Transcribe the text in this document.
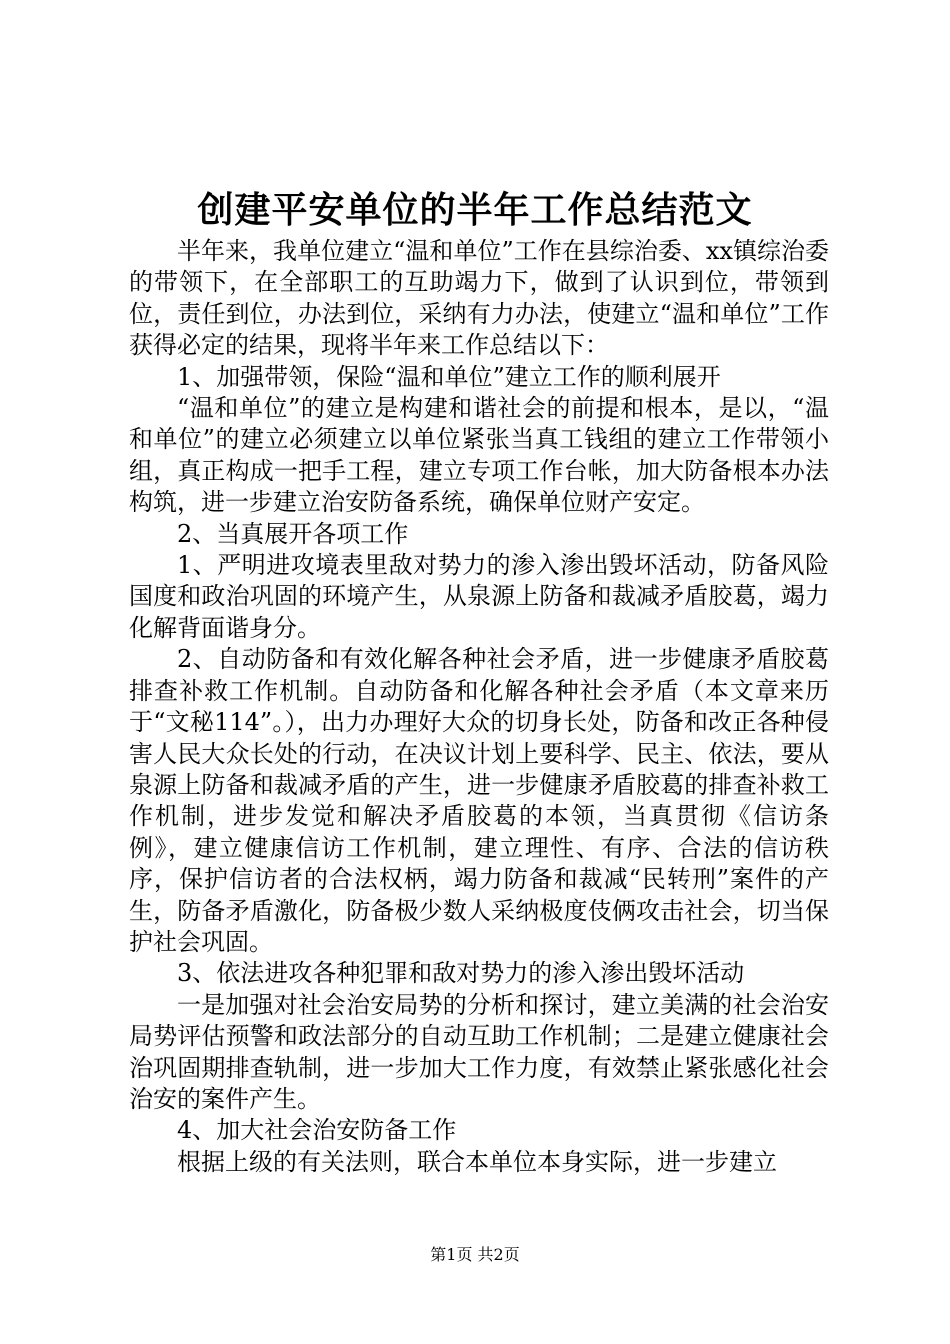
创建平安单位的半年工作总结范文

半年来，我单位建立“温和单位”工作在县综治委、xx镇综治委的带领下，在全部职工的互助竭力下，做到了认识到位，带领到位，责任到位，办法到位，采纳有力办法，使建立“温和单位”工作获得必定的结果，现将半年来工作总结以下：

1、加强带领，保险“温和单位”建立工作的顺利展开

“温和单位”的建立是构建和谐社会的前提和根本，是以，“温和单位”的建立必须建立以单位紧张当真工钱组的建立工作带领小组，真正构成一把手工程，建立专项工作台帐，加大防备根本办法构筑，进一步建立治安防备系统，确保单位财产安定。

2、当真展开各项工作

1、严明进攻境表里敌对势力的渗入渗出毁坏活动，防备风险国度和政治巩固的环境产生，从泉源上防备和裁减矛盾胶葛，竭力化解背面谐身分。

2、自动防备和有效化解各种社会矛盾，进一步健康矛盾胶葛排查补救工作机制。自动防备和化解各种社会矛盾（本文章来历于“文秘114”。），出力办理好大众的切身长处，防备和改正各种侵害人民大众长处的行动，在决议计划上要科学、民主、依法，要从泉源上防备和裁减矛盾的产生，进一步健康矛盾胶葛的排查补救工作机制，进步发觉和解决矛盾胶葛的本领，当真贯彻《信访条例》，建立健康信访工作机制，建立理性、有序、合法的信访秩序，保护信访者的合法权柄，竭力防备和裁减“民转刑”案件的产生，防备矛盾激化，防备极少数人采纳极度伎俩攻击社会，切当保护社会巩固。

3、依法进攻各种犯罪和敌对势力的渗入渗出毁坏活动

一是加强对社会治安局势的分析和探讨，建立美满的社会治安局势评估预警和政法部分的自动互助工作机制；二是建立健康社会治巩固期排查轨制，进一步加大工作力度，有效禁止紧张感化社会治安的案件产生。

4、加大社会治安防备工作

根据上级的有关法则，联合本单位本身实际，进一步建立

第1页 共2页
